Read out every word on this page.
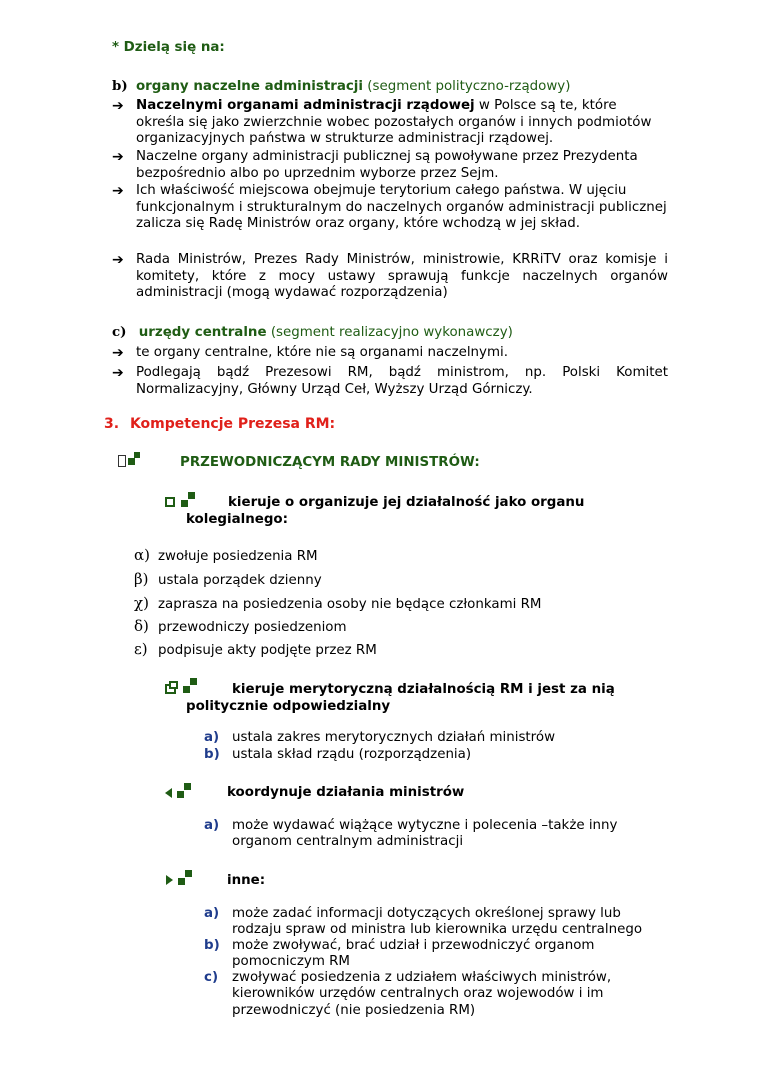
* Dzielą się na:
b) organy naczelne administracji (segment polityczno-rządowy)
➔ Naczelnymi organami administracji rządowej w Polsce są te, które określa się jako zwierzchnie wobec pozostałych organów i innych podmiotów organizacyjnych państwa w strukturze administracji rządowej.
➔ Naczelne organy administracji publicznej są powoływane przez Prezydenta bezpośrednio albo po uprzednim wyborze przez Sejm.
➔ Ich właściwość miejscowa obejmuje terytorium całego państwa. W ujęciu funkcjonalnym i strukturalnym do naczelnych organów administracji publicznej zalicza się Radę Ministrów oraz organy, które wchodzą w jej skład.
➔ Rada Ministrów, Prezes Rady Ministrów, ministrowie, KRRiTV oraz komisje i komitety, które z mocy ustawy sprawują funkcje naczelnych organów administracji (mogą wydawać rozporządzenia)
c) urzędy centralne (segment realizacyjno wykonawczy)
➔ te organy centralne, które nie są organami naczelnymi.
➔ Podlegają bądź Prezesowi RM, bądź ministrom, np. Polski Komitet Normalizacyjny, Główny Urząd Ceł, Wyższy Urząd Górniczy.
3. Kompetencje Prezesa RM:
PRZEWODNICZĄCYM RADY MINISTRÓW:
kieruje o organizuje jej działalność jako organu
kolegialnego:
α) zwołuje posiedzenia RM
β) ustala porządek dzienny
χ) zaprasza na posiedzenia osoby nie będące członkami RM
δ) przewodniczy posiedzeniom
ε) podpisuje akty podjęte przez RM
kieruje merytoryczną działalnością RM i jest za nią
politycznie odpowiedzialny
a) ustala zakres merytorycznych działań ministrów
b) ustala skład rządu (rozporządzenia)
koordynuje działania ministrów
a) może wydawać wiążące wytyczne i polecenia –także inny organom centralnym administracji
inne:
a) może zadać informacji dotyczących określonej sprawy lub rodzaju spraw od ministra lub kierownika urzędu centralnego
b) może zwoływać, brać udział i przewodniczyć organom pomocniczym RM
c) zwoływać posiedzenia z udziałem właściwych ministrów, kierowników urzędów centralnych oraz wojewodów i im przewodniczyć (nie posiedzenia RM)
